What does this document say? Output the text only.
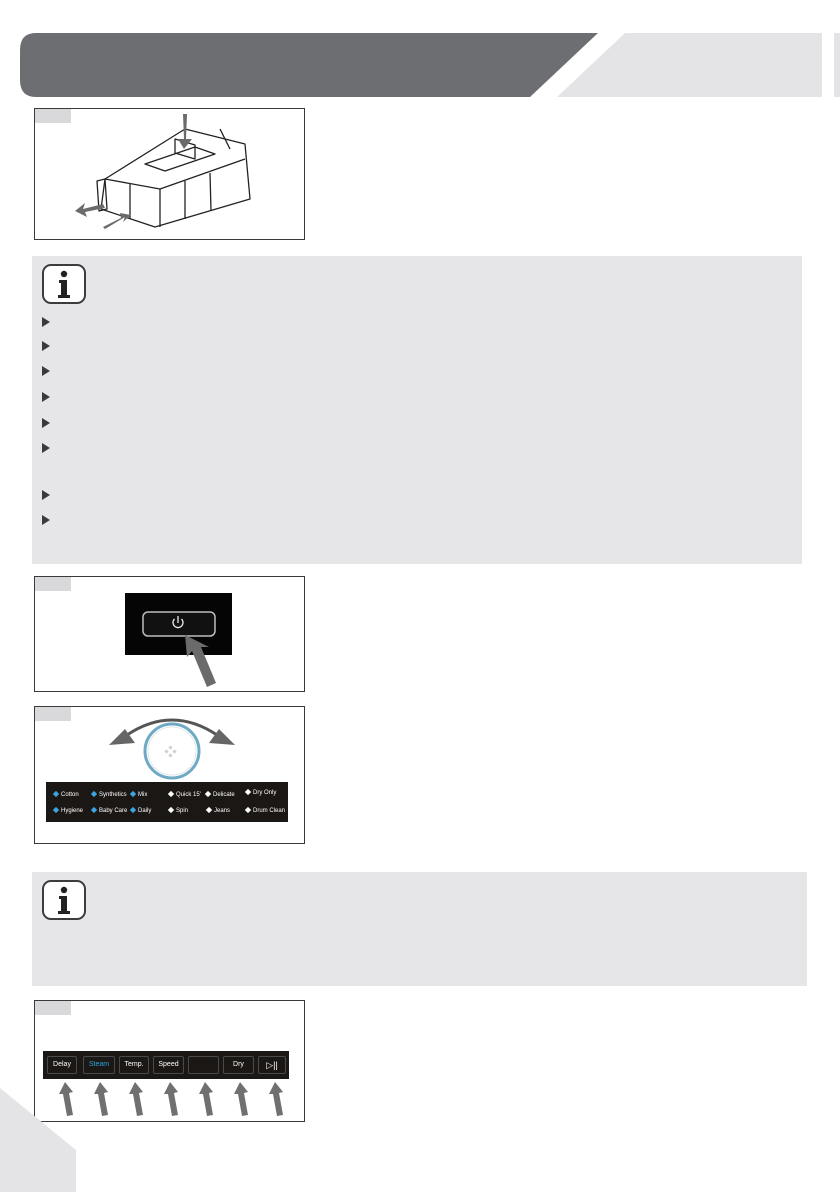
Cotton	Synthetics	Mix	Quick 15'	Delicate	Dry Only
Hygiene	Baby Care	Daily	Spin	Jeans	Drum Clean
Delay	Steam	Temp.	Speed	Dry	▷||
